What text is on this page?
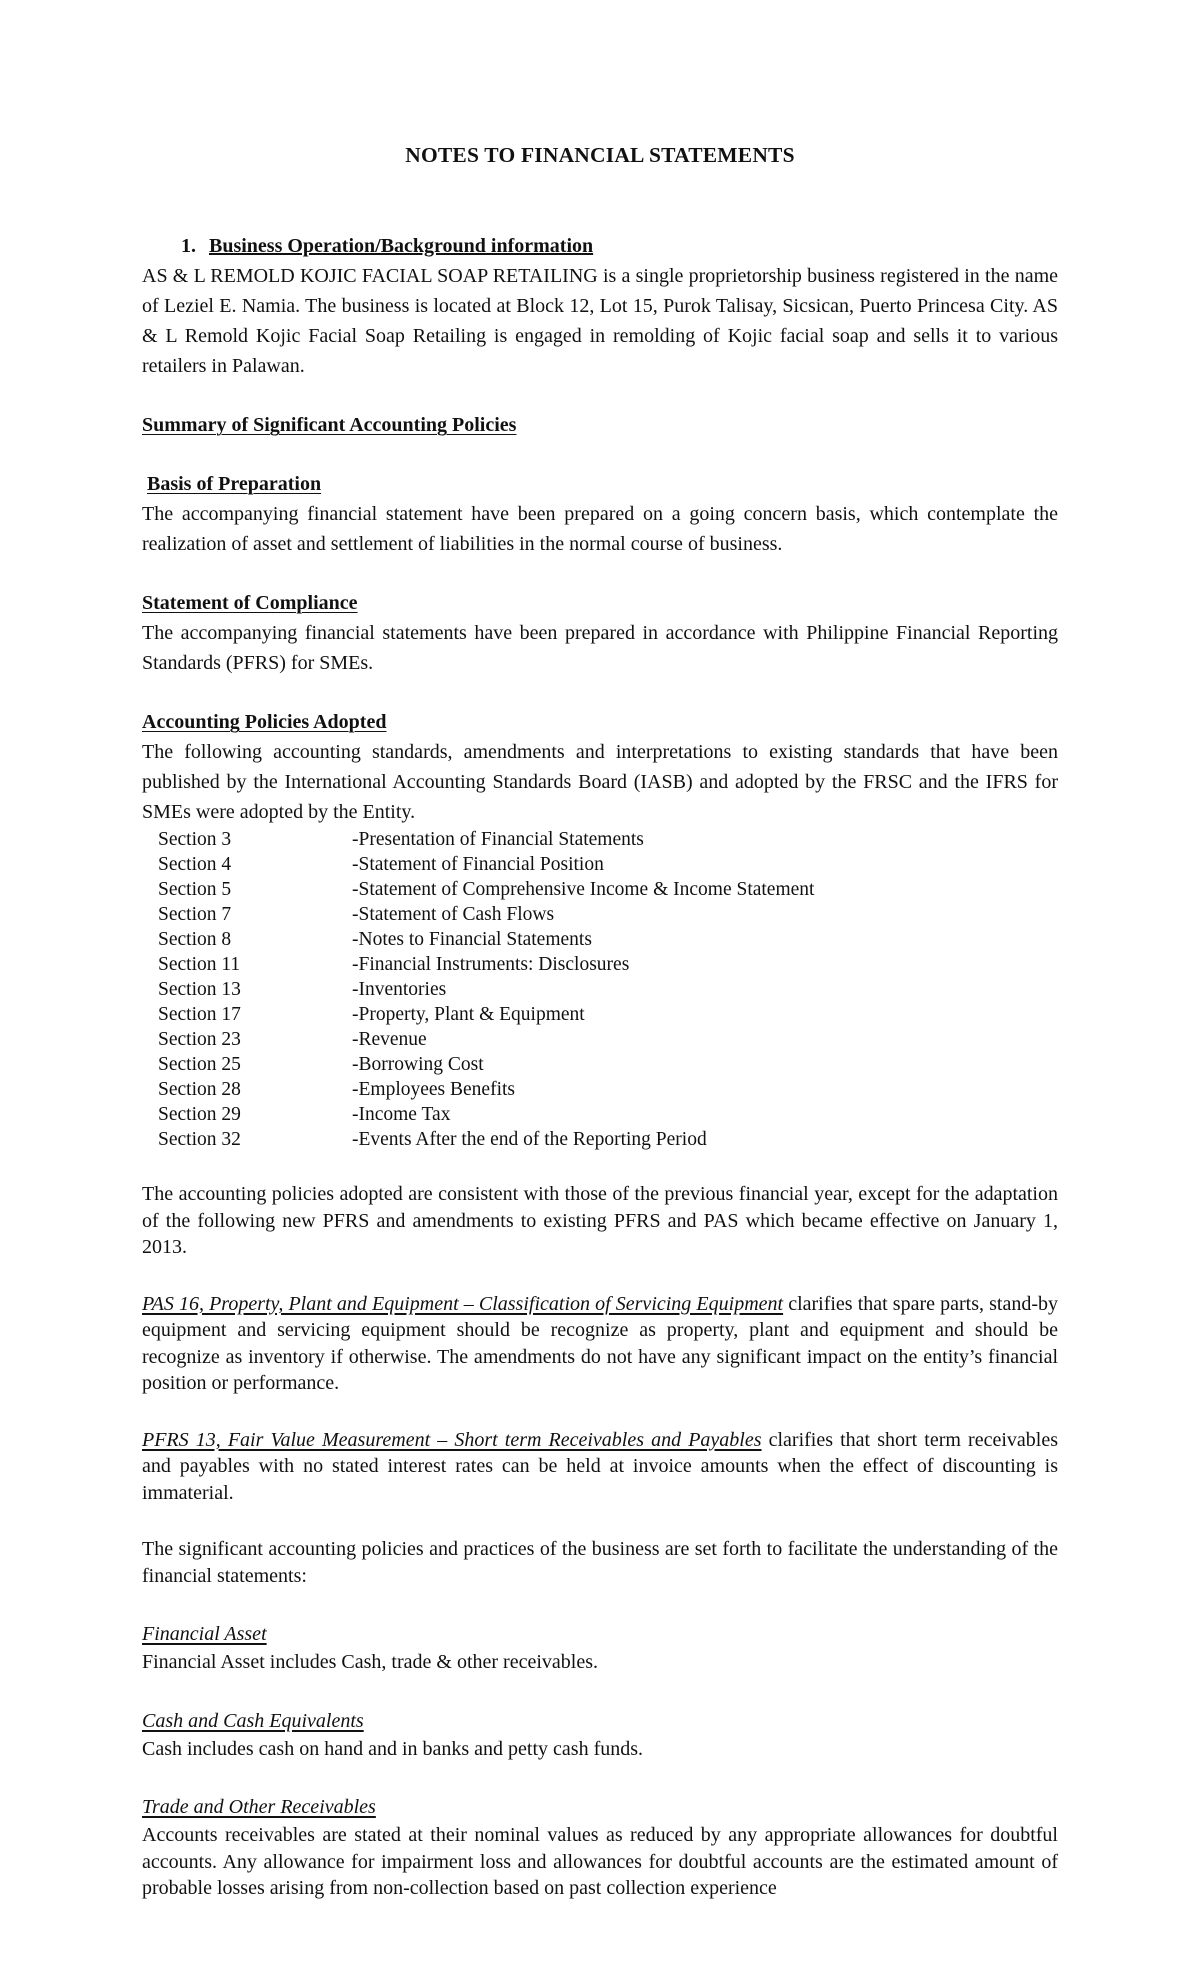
NOTES TO FINANCIAL STATEMENTS
1. Business Operation/Background information
AS & L REMOLD KOJIC FACIAL SOAP RETAILING is a single proprietorship business registered in the name of Leziel E. Namia. The business is located at Block 12, Lot 15, Purok Talisay, Sicsican, Puerto Princesa City. AS & L Remold Kojic Facial Soap Retailing is engaged in remolding of Kojic facial soap and sells it to various retailers in Palawan.
Summary of Significant Accounting Policies
Basis of Preparation
The accompanying financial statement have been prepared on a going concern basis, which contemplate the realization of asset and settlement of liabilities in the normal course of business.
Statement of Compliance
The accompanying financial statements have been prepared in accordance with Philippine Financial Reporting Standards (PFRS) for SMEs.
Accounting Policies Adopted
The following accounting standards, amendments and interpretations to existing standards that have been published by the International Accounting Standards Board (IASB) and adopted by the FRSC and the IFRS for SMEs were adopted by the Entity.
Section 3	-Presentation of Financial Statements
Section 4	-Statement of Financial Position
Section 5	-Statement of Comprehensive Income & Income Statement
Section 7	-Statement of Cash Flows
Section 8	-Notes to Financial Statements
Section 11	-Financial Instruments: Disclosures
Section 13	-Inventories
Section 17	-Property, Plant & Equipment
Section 23	-Revenue
Section 25	-Borrowing Cost
Section 28	-Employees Benefits
Section 29	-Income Tax
Section 32	-Events After the end of the Reporting Period
The accounting policies adopted are consistent with those of the previous financial year, except for the adaptation of the following new PFRS and amendments to existing PFRS and PAS which became effective on January 1, 2013.
PAS 16, Property, Plant and Equipment – Classification of Servicing Equipment clarifies that spare parts, stand-by equipment and servicing equipment should be recognize as property, plant and equipment and should be recognize as inventory if otherwise. The amendments do not have any significant impact on the entity’s financial position or performance.
PFRS 13, Fair Value Measurement – Short term Receivables and Payables clarifies that short term receivables and payables with no stated interest rates can be held at invoice amounts when the effect of discounting is immaterial.
The significant accounting policies and practices of the business are set forth to facilitate the understanding of the financial statements:
Financial Asset
Financial Asset includes Cash, trade & other receivables.
Cash and Cash Equivalents
Cash includes cash on hand and in banks and petty cash funds.
Trade and Other Receivables
Accounts receivables are stated at their nominal values as reduced by any appropriate allowances for doubtful accounts. Any allowance for impairment loss and allowances for doubtful accounts are the estimated amount of probable losses arising from non-collection based on past collection experience
